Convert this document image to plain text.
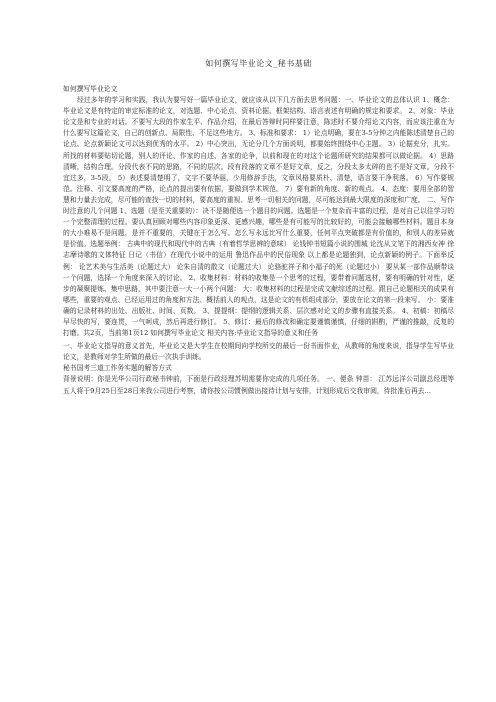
如何撰写毕业论文_秘书基础

如何撰写毕业论文

经过多年的学习和实践，我认为要写好一篇毕业论文，就应该从以下几方面去思考问题：一、毕业论文的总体认识 1、概念：毕业论文是有特定的审定标准的论文，对选题、中心论点、资料论据、框架结构、语言表述有明确的规定和要求。 2、对象：毕业论文是和专业的对话。不要写大段的作家生平、作品介绍，在最后答辩时同样要注意，陈述时不要介绍论文内容，而应该注重在为什么要写这篇论文，自己的创新点、局限性、不足这些地方。 3、标准和要求： 1）论点明确，要在3-5分钟之内能陈述清楚自己的论点。论点新颖论文可以达到优秀的水平。 2）中心突出，无论分几个方面说明，都要始终围绕中心主题。 3）论据充分，扎实。所找的材料要贴切论题，别人的评论、作家的自述、各家的论争，以前和现在的对这个论题所研究的结果都可以做论据。 4）思路清晰，结构合理。分段代表不同的思路，不同的层次。段有段落的文章不是好文章，反之，分段太多太碎的也不是好文章。分段不宜过多，3-5段。 5）表述要清楚明了，文字不要华丽，少用修辞手法，文章风格要质朴、清楚，语言要干净利落。 6）写作要规范。注释、引文要高度的严格，论点的提出要有依据，要做到学术规范。 7）要有新的角度、新的观点。 4、态度：要用全部的智慧和力量去完成，尽可能的查找一切的材料，要高度的重视、思考一切相关的问题，尽可能达到最大限度的深度和广度。 二、写作时注意的几个问题 1、选题（是至关重要的）：决不是随便选一个题目的问题。选题是一个复杂而丰富的过程，是对自己以往学习的一个完整清理的过程。要认真回顾对哪些内容印象更深、更感兴趣，哪些是有可能写的比较好的，可能会接触哪些材料。题目本身的大小难易不是问题，是并不重要的，关键在于怎么写。怎么写永远比写什么重要，任何平点突破都是有价值的，和别人的差异就是价值。选题举例： 古典中的现代和现代中的古典（有着哲学思辨的意味） 论钱钟书短篇小说的围城 论沈从文笔下的湘西女神 徐志摩诗歌的文体特征 日记（书信）在现代小说中的运用 鲁迅作品中的民俗现象 以上都是论题独到，论点新颖的例子。下面举反例： 论艺术美与生活美（论题过大） 论朱自清的散文（论题过大） 论骆驼祥子和小福子的死（论题过小） 要从某一部作品顺带谈一个问题，选择一个角度来深入的讨论。 2、收集材料：材料的收集是一个思考的过程，要带着问题选材，要有明确的针对性，逐步的凝聚提炼、集中思路，其中要注意一大一小两个问题： 大：收集材料的过程是完成文献综述的过程。跟自己论题相关的成果有哪些，重要的观点、已经运用过的角度和方法、概括前人的观点，这是论文的有机组成部分，要放在论文的第一段来写。 小：要准确的记录材料的出处、出版社、时间、页数。 3、提提纲：提纲的逻辑关系、层次感对论文的步骤有直接关系。 4、初稿：初稿尽早尽快的写，要连贯，一气呵成，然后再进行修订。 5、修订：最后的修改和确定要谨慎谨慎，仔细的斟酌，严谨的推敲，反复的打磨。共2页，当前第1页12 如何撰写毕业论文 相关内容:毕业论文指导的意义和任务

一、毕业论文指导的意义首先，毕业论文是大学生在校期间向学校所交的最后一份书面作业，从教师的角度来说，指导学生写毕业论文，是教师对学生所做的最后一次执手训练。

秘书国考三道工作务实题的解答方式

背景说明：你是光华公司行政秘书钟前，下面是行政经理苏明需要你完成的几项任务。 一、便条 钟苗： 江苏远洋公司副总经理等五人将于9月25日至28日来我公司进行考察，请你按公司惯例做出接待计划与安排，计划形成后交我审阅，待批准后再去...
